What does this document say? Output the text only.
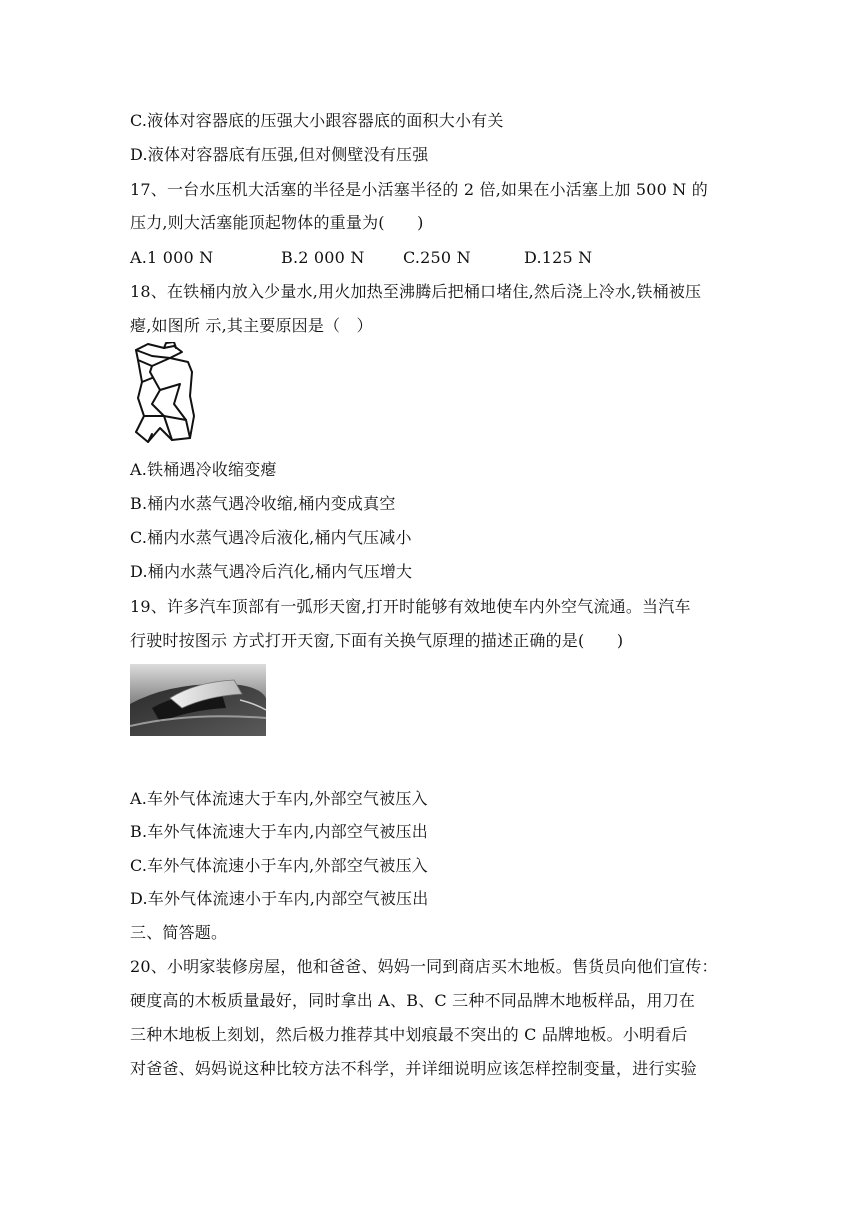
C.液体对容器底的压强大小跟容器底的面积大小有关
D.液体对容器底有压强,但对侧壁没有压强
17、一台水压机大活塞的半径是小活塞半径的 2 倍,如果在小活塞上加 500 N 的
压力,则大活塞能顶起物体的重量为(　　)
A.1 000 N	B.2 000 N C.250 N	D.125 N
18、在铁桶内放入少量水,用火加热至沸腾后把桶口堵住,然后浇上冷水,铁桶被压
瘪,如图所 示,其主要原因是（　）
A.铁桶遇冷收缩变瘪
B.桶内水蒸气遇冷收缩,桶内变成真空
C.桶内水蒸气遇冷后液化,桶内气压减小
D.桶内水蒸气遇冷后汽化,桶内气压增大
19、许多汽车顶部有一弧形天窗,打开时能够有效地使车内外空气流通。当汽车
行驶时按图示 方式打开天窗,下面有关换气原理的描述正确的是(　　)
A.车外气体流速大于车内,外部空气被压入
B.车外气体流速大于车内,内部空气被压出
C.车外气体流速小于车内,外部空气被压入
D.车外气体流速小于车内,内部空气被压出
三、简答题。
20、小明家装修房屋，他和爸爸、妈妈一同到商店买木地板。售货员向他们宣传：
硬度高的木板质量最好，同时拿出 A、B、C 三种不同品牌木地板样品，用刀在
三种木地板上刻划，然后极力推荐其中划痕最不突出的 C 品牌地板。小明看后
对爸爸、妈妈说这种比较方法不科学，并详细说明应该怎样控制变量，进行实验
